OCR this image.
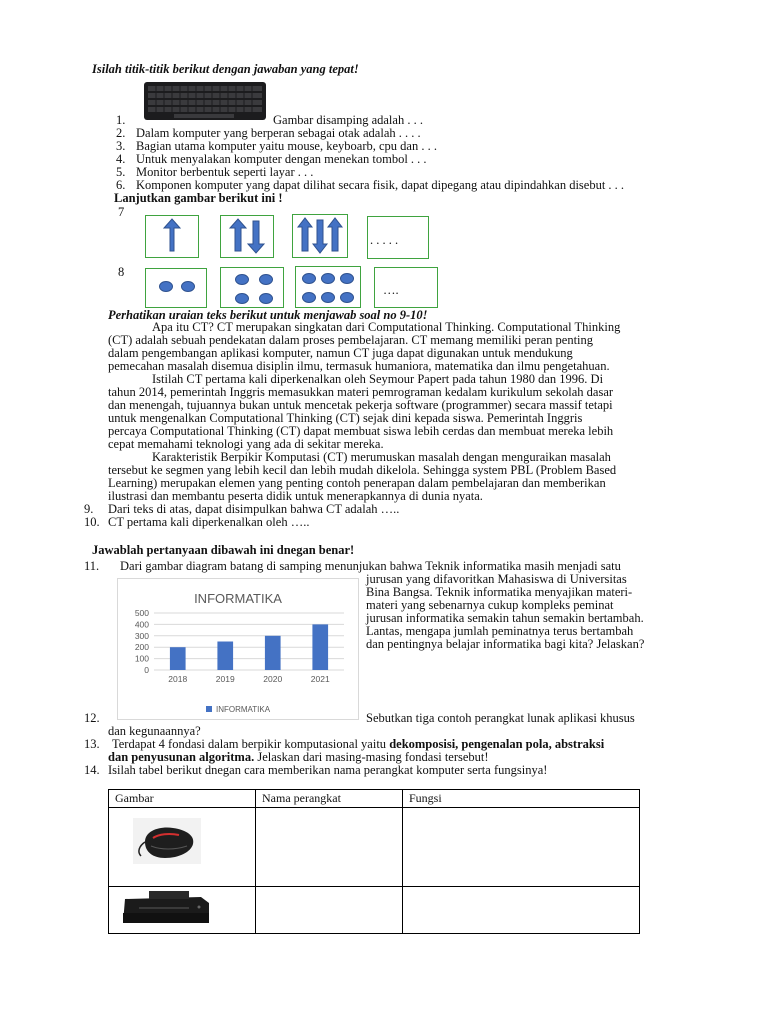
Isilah titik-titik berikut dengan jawaban yang tepat!
1.	Gambar disamping adalah . . .
2. Dalam komputer yang berperan sebagai otak adalah . . . .
3. Bagian utama komputer yaitu mouse, keyboarb, cpu dan . . .
4. Untuk menyalakan komputer dengan menekan tombol . . .
5. Monitor berbentuk seperti layar . . .
6. Komponen komputer yang dapat dilihat secara fisik, dapat dipegang atau dipindahkan disebut . . .
Lanjutkan gambar berikut ini !
7
. . . . .
8
….
Perhatikan uraian teks berikut untuk menjawab soal no 9-10!
Apa itu CT? CT merupakan singkatan dari Computational Thinking. Computational Thinking
(CT) adalah sebuah pendekatan dalam proses pembelajaran. CT memang memiliki peran penting
dalam pengembangan aplikasi komputer, namun CT juga dapat digunakan untuk mendukung
pemecahan masalah disemua disiplin ilmu, termasuk humaniora, matematika dan ilmu pengetahuan.
Istilah CT pertama kali diperkenalkan oleh Seymour Papert pada tahun 1980 dan 1996. Di
tahun 2014, pemerintah Inggris memasukkan materi pemrograman kedalam kurikulum sekolah dasar
dan menengah, tujuannya bukan untuk mencetak pekerja software (programmer) secara massif tetapi
untuk mengenalkan Computational Thinking (CT) sejak dini kepada siswa. Pemerintah Inggris
percaya Computational Thinking (CT) dapat membuat siswa lebih cerdas dan membuat mereka lebih
cepat memahami teknologi yang ada di sekitar mereka.
Karakteristik Berpikir Komputasi (CT) merumuskan masalah dengan menguraikan masalah
tersebut ke segmen yang lebih kecil dan lebih mudah dikelola. Sehingga system PBL (Problem Based
Learning) merupakan elemen yang penting contoh penerapan dalam pembelajaran dan memberikan
ilustrasi dan membantu peserta didik untuk menerapkannya di dunia nyata.
9. Dari teks di atas, dapat disimpulkan bahwa CT adalah …..
10. CT pertama kali diperkenalkan oleh …..
Jawablah pertanyaan dibawah ini dnegan benar!
11. Dari gambar diagram batang di samping menunjukan bahwa Teknik informatika masih menjadi satu
jurusan yang difavoritkan Mahasiswa di Universitas
Bina Bangsa. Teknik informatika menyajikan materi-
materi yang sebenarnya cukup kompleks peminat
jurusan informatika semakin tahun semakin bertambah.
Lantas, mengapa jumlah peminatnya terus bertambah
dan pentingnya belajar informatika bagi kita? Jelaskan?
INFORMATIKA
0
100
200
300
400
500
2018	2019	2020	2021
INFORMATIKA
12.	Sebutkan tiga contoh perangkat lunak aplikasi khusus
dan kegunaannya?
13. Terdapat 4 fondasi dalam berpikir komputasional yaitu dekomposisi, pengenalan pola, abstraksi
dan penyusunan algoritma. Jelaskan dari masing-masing fondasi tersebut!
14. Isilah tabel berikut dnegan cara memberikan nama perangkat komputer serta fungsinya!
Gambar	Nama perangkat	Fungsi
